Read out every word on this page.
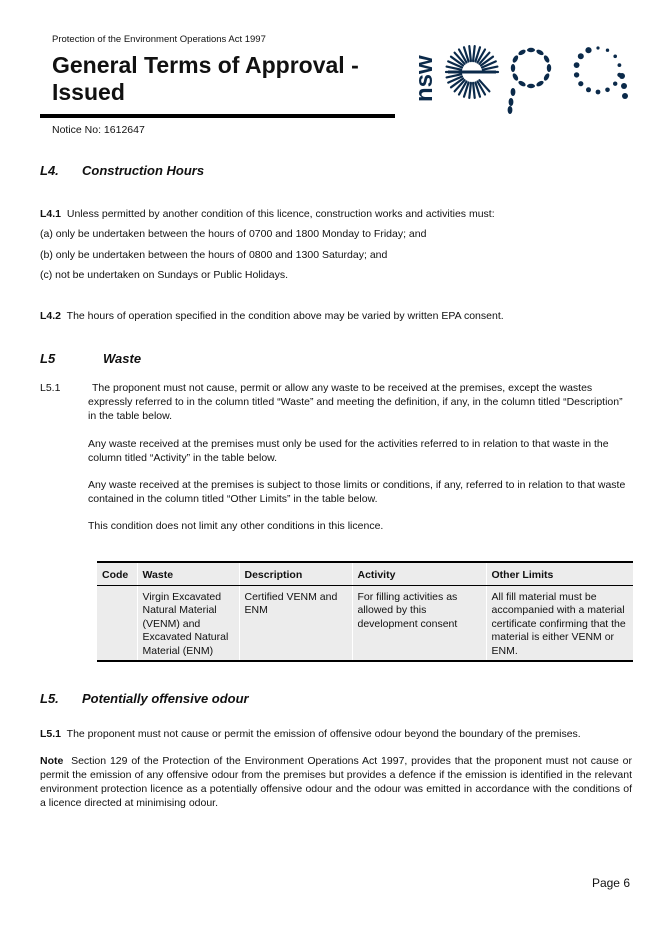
Protection of the Environment Operations Act 1997
General Terms of Approval - Issued
Notice No: 1612647
nsw
L4. Construction Hours
L4.1 Unless permitted by another condition of this licence, construction works and activities must:
(a) only be undertaken between the hours of 0700 and 1800 Monday to Friday; and
(b) only be undertaken between the hours of 0800 and 1300 Saturday; and
(c) not be undertaken on Sundays or Public Holidays.
L4.2 The hours of operation specified in the condition above may be varied by written EPA consent.
L5	Waste
L5.1	The proponent must not cause, permit or allow any waste to be received at the premises, except the wastes expressly referred to in the column titled “Waste” and meeting the definition, if any, in the column titled “Description” in the table below.
Any waste received at the premises must only be used for the activities referred to in relation to that waste in the column titled “Activity” in the table below.
Any waste received at the premises is subject to those limits or conditions, if any, referred to in relation to that waste contained in the column titled “Other Limits” in the table below.
This condition does not limit any other conditions in this licence.
Code	Waste	Description	Activity	Other Limits
	Virgin Excavated Natural Material (VENM) and Excavated Natural Material (ENM)	Certified VENM and ENM	For filling activities as allowed by this development consent	All fill material must be accompanied with a material certificate confirming that the material is either VENM or ENM.
L5. Potentially offensive odour
L5.1 The proponent must not cause or permit the emission of offensive odour beyond the boundary of the premises.
Note Section 129 of the Protection of the Environment Operations Act 1997, provides that the proponent must not cause or permit the emission of any offensive odour from the premises but provides a defence if the emission is identified in the relevant environment protection licence as a potentially offensive odour and the odour was emitted in accordance with the conditions of a licence directed at minimising odour.
Page 6
